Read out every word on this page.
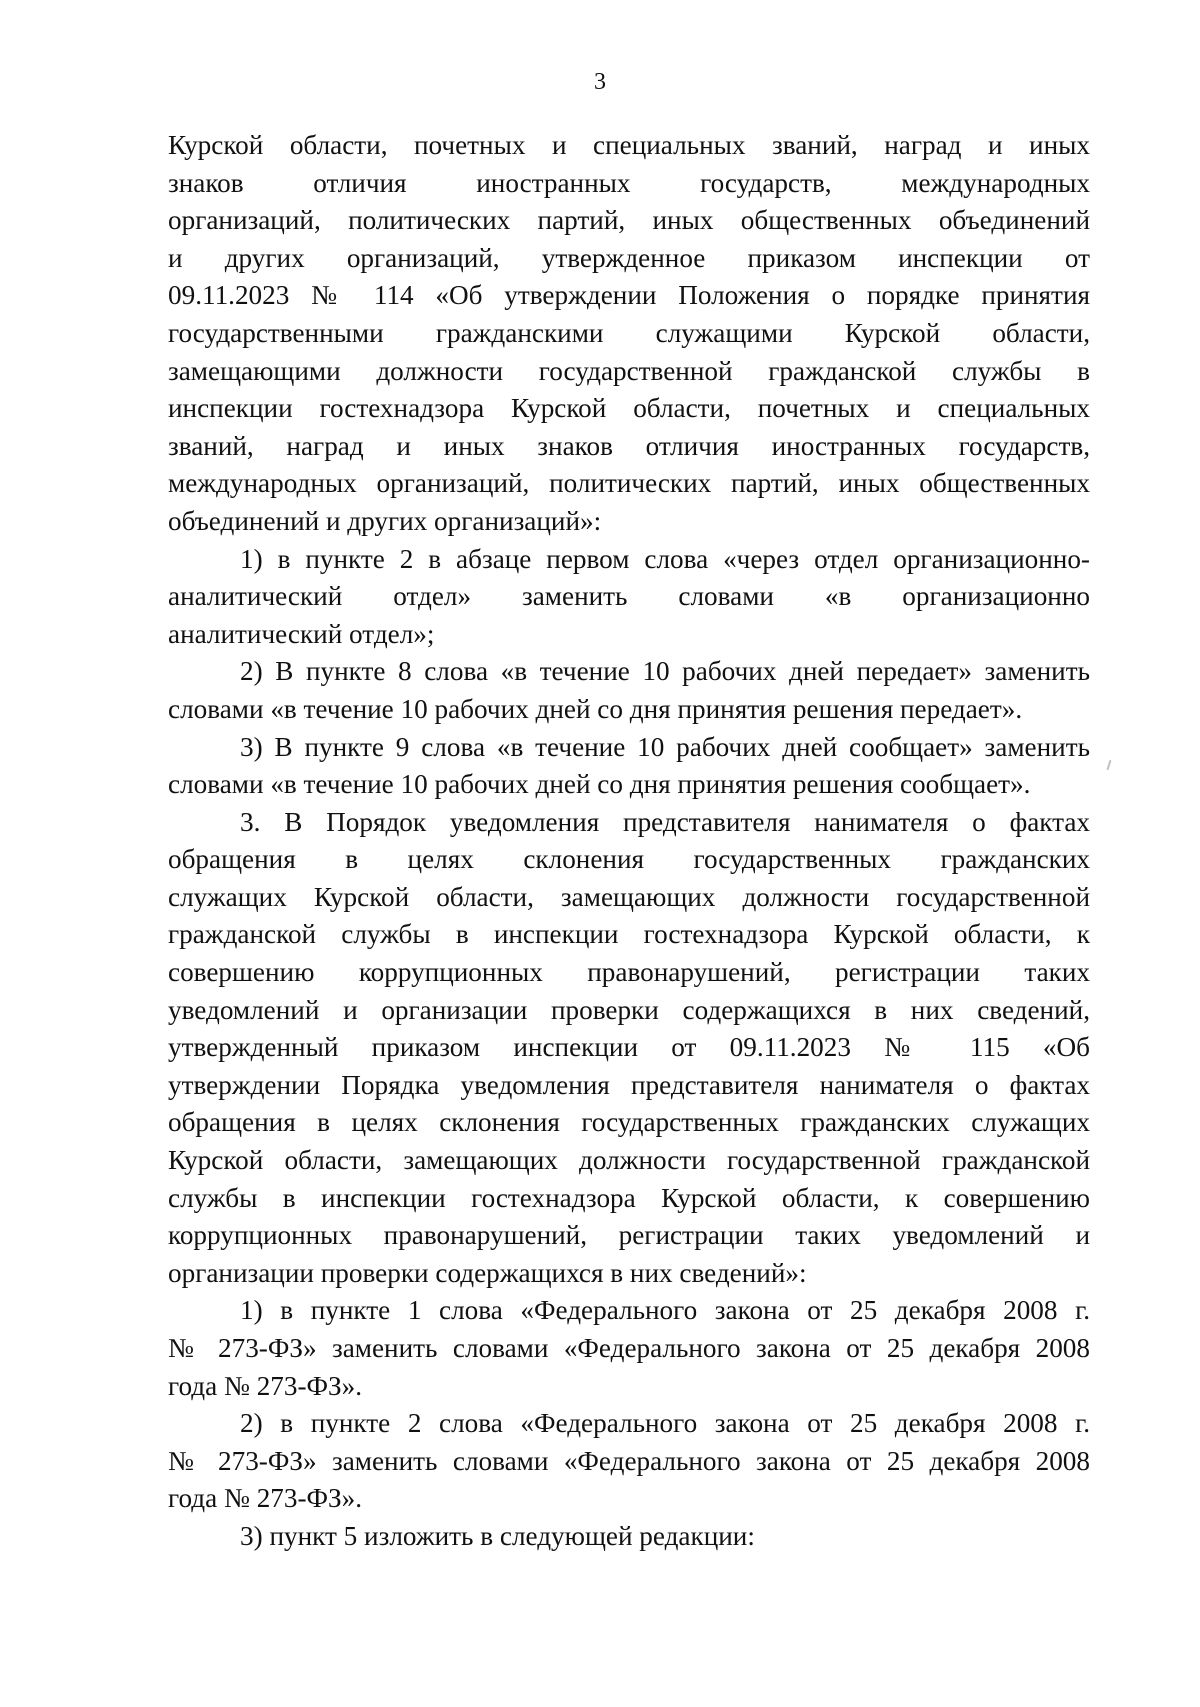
3

Курской области, почетных и специальных званий, наград и иных
знаков отличия иностранных государств, международных
организаций, политических партий, иных общественных объединений
и других организаций, утвержденное приказом инспекции от
09.11.2023 № 114 «Об утверждении Положения о порядке принятия
государственными гражданскими служащими Курской области,
замещающими должности государственной гражданской службы в
инспекции гостехнадзора Курской области, почетных и специальных
званий, наград и иных знаков отличия иностранных государств,
международных организаций, политических партий, иных общественных
объединений и других организаций»:

1) в пункте 2 в абзаце первом слова «через отдел организационно-
аналитический отдел» заменить словами «в организационно
аналитический отдел»;

2) В пункте 8 слова «в течение 10 рабочих дней передает» заменить
словами «в течение 10 рабочих дней со дня принятия решения передает».

3) В пункте 9 слова «в течение 10 рабочих дней сообщает» заменить
словами «в течение 10 рабочих дней со дня принятия решения сообщает».

3. В Порядок уведомления представителя нанимателя о фактах
обращения в целях склонения государственных гражданских
служащих Курской области, замещающих должности государственной
гражданской службы в инспекции гостехнадзора Курской области, к
совершению коррупционных правонарушений, регистрации таких
уведомлений и организации проверки содержащихся в них сведений,
утвержденный приказом инспекции от 09.11.2023 № 115 «Об
утверждении Порядка уведомления представителя нанимателя о фактах
обращения в целях склонения государственных гражданских служащих
Курской области, замещающих должности государственной гражданской
службы в инспекции гостехнадзора Курской области, к совершению
коррупционных правонарушений, регистрации таких уведомлений и
организации проверки содержащихся в них сведений»:

1) в пункте 1 слова «Федерального закона от 25 декабря 2008 г.
№ 273-ФЗ» заменить словами «Федерального закона от 25 декабря 2008
года № 273-ФЗ».

2) в пункте 2 слова «Федерального закона от 25 декабря 2008 г.
№ 273-ФЗ» заменить словами «Федерального закона от 25 декабря 2008
года № 273-ФЗ».

3) пункт 5 изложить в следующей редакции:
